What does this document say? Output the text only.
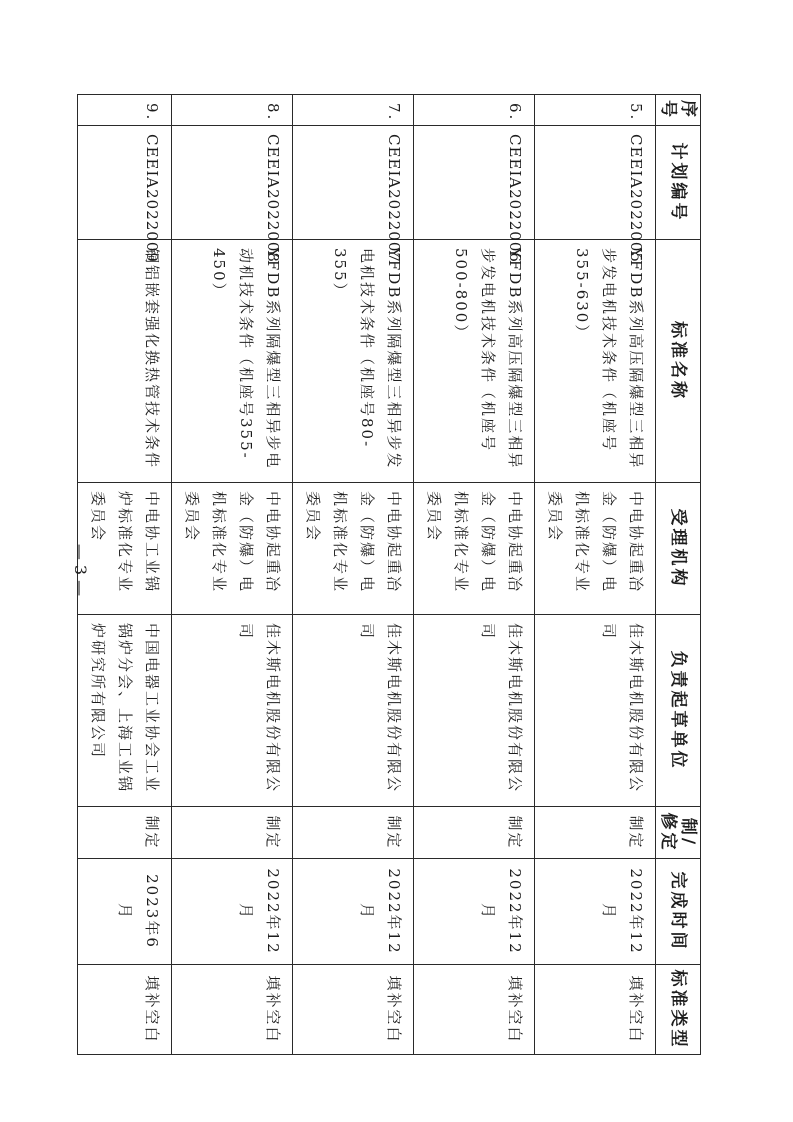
序号	计划编号	标准名称	受理机构	负责起草单位	制/修定	完成时间	标准类型
5.	CEEIA2022005	YFDB系列高压隔爆型三相异步发电机技术条件（机座号355-630）	中电协起重冶金（防爆）电机标准化专业委员会	佳木斯电机股份有限公司	制定	2022年12月	填补空白
6.	CEEIA2022006	YFDB系列高压隔爆型三相异步发电机技术条件（机座号500-800）	中电协起重冶金（防爆）电机标准化专业委员会	佳木斯电机股份有限公司	制定	2022年12月	填补空白
7.	CEEIA2022007	YFDB系列隔爆型三相异步发电机技术条件（机座号80-355）	中电协起重冶金（防爆）电机标准化专业委员会	佳木斯电机股份有限公司	制定	2022年12月	填补空白
8.	CEEIA2022008	YFDB系列隔爆型三相异步电动机技术条件（机座号355-450）	中电协起重冶金（防爆）电机标准化专业委员会	佳木斯电机股份有限公司	制定	2022年12月	填补空白
9.	CEEIA2022009	铜铝嵌套强化换热管技术条件	中电协工业锅炉标准化专业委员会	中国电器工业协会工业锅炉分会、上海工业锅炉研究所有限公司	制定	2023年6月	填补空白
— 3 —
